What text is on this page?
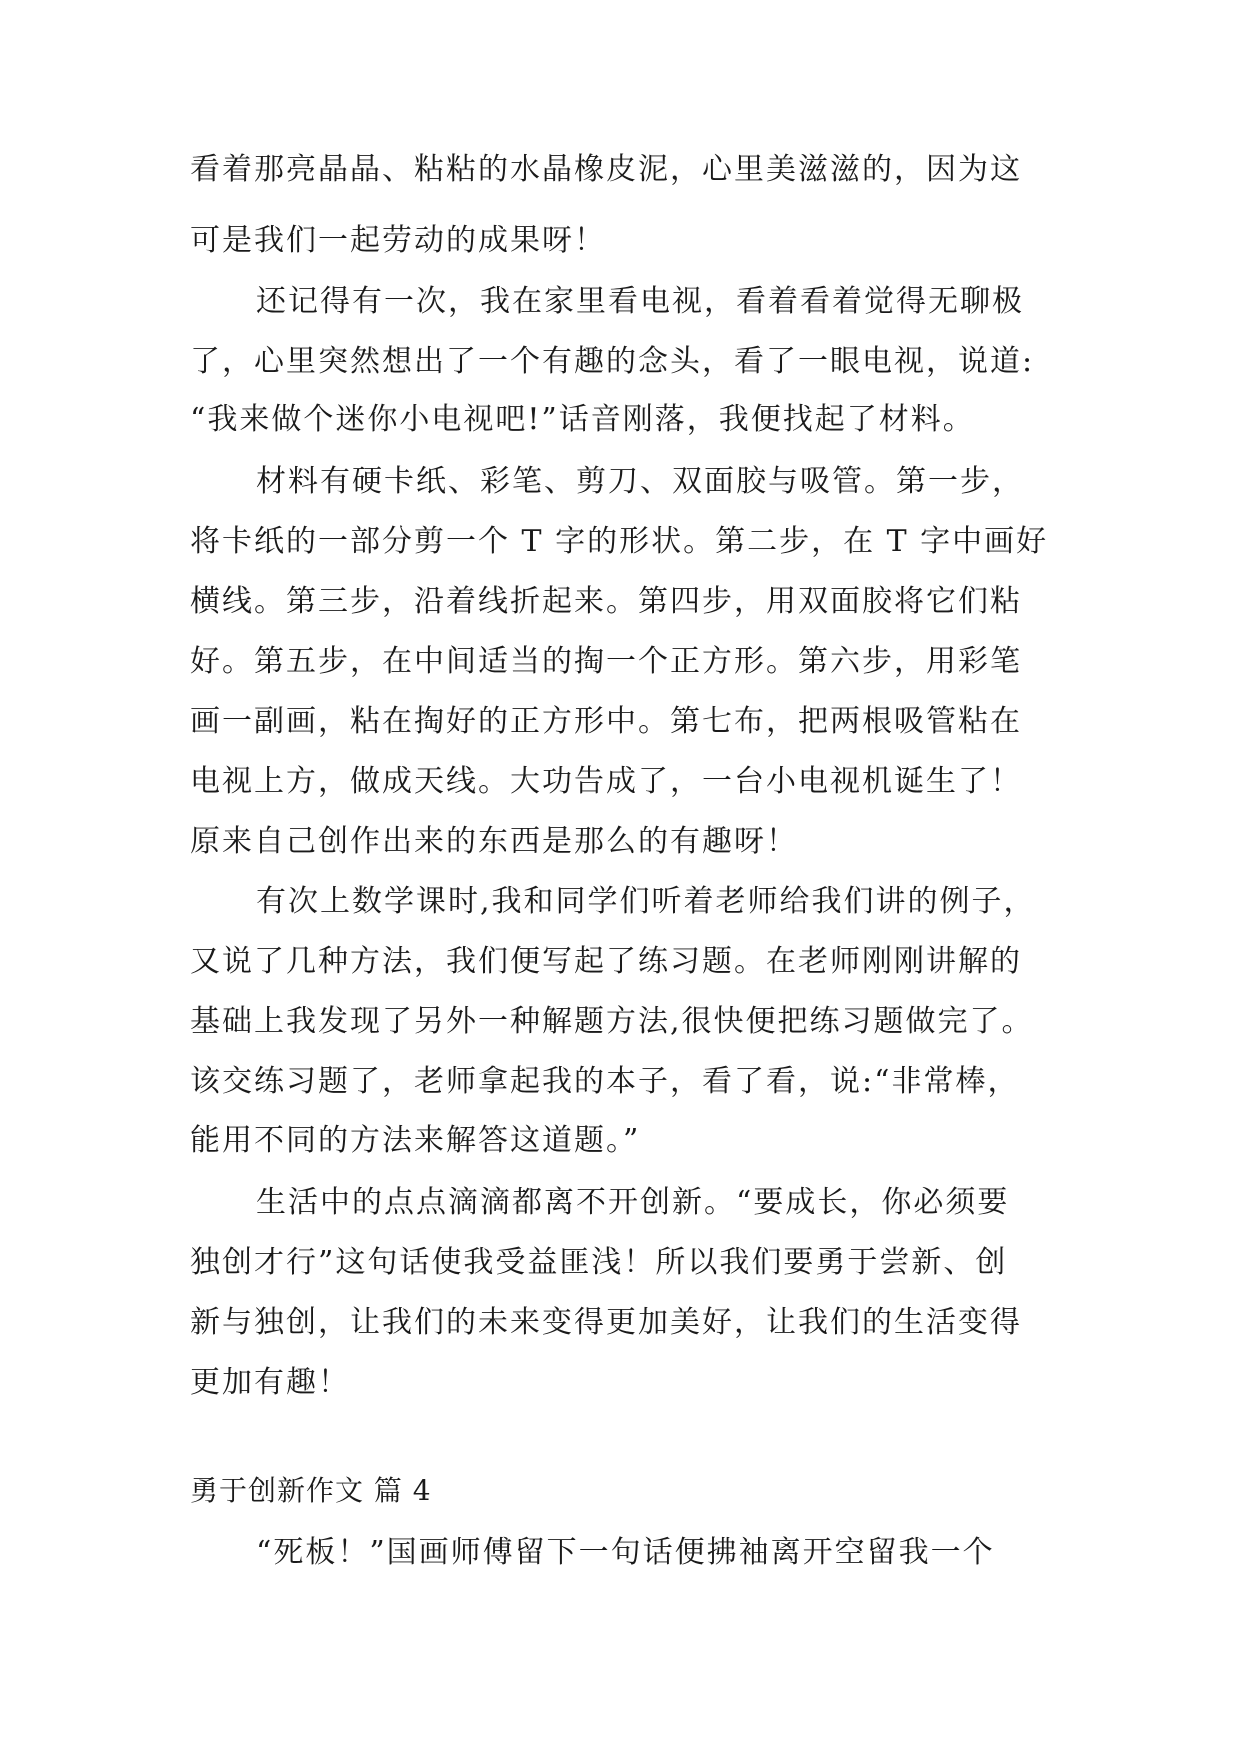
看着那亮晶晶、粘粘的水晶橡皮泥，心里美滋滋的，因为这
可是我们一起劳动的成果呀！
还记得有一次，我在家里看电视，看着看着觉得无聊极
了，心里突然想出了一个有趣的念头，看了一眼电视，说道:
“我来做个迷你小电视吧!”话音刚落，我便找起了材料。
材料有硬卡纸、彩笔、剪刀、双面胶与吸管。第一步，
将卡纸的一部分剪一个 T 字的形状。第二步，在 T 字中画好
横线。第三步，沿着线折起来。第四步，用双面胶将它们粘
好。第五步，在中间适当的掏一个正方形。第六步，用彩笔
画一副画，粘在掏好的正方形中。第七布，把两根吸管粘在
电视上方，做成天线。大功告成了，一台小电视机诞生了！
原来自己创作出来的东西是那么的有趣呀！
有次上数学课时,我和同学们听着老师给我们讲的例子，
又说了几种方法，我们便写起了练习题。在老师刚刚讲解的
基础上我发现了另外一种解题方法,很快便把练习题做完了。
该交练习题了，老师拿起我的本子，看了看，说:“非常棒，
能用不同的方法来解答这道题。”
生活中的点点滴滴都离不开创新。“要成长，你必须要
独创才行”这句话使我受益匪浅！所以我们要勇于尝新、创
新与独创，让我们的未来变得更加美好，让我们的生活变得
更加有趣！
勇于创新作文 篇 4
“死板！”国画师傅留下一句话便拂袖离开空留我一个
